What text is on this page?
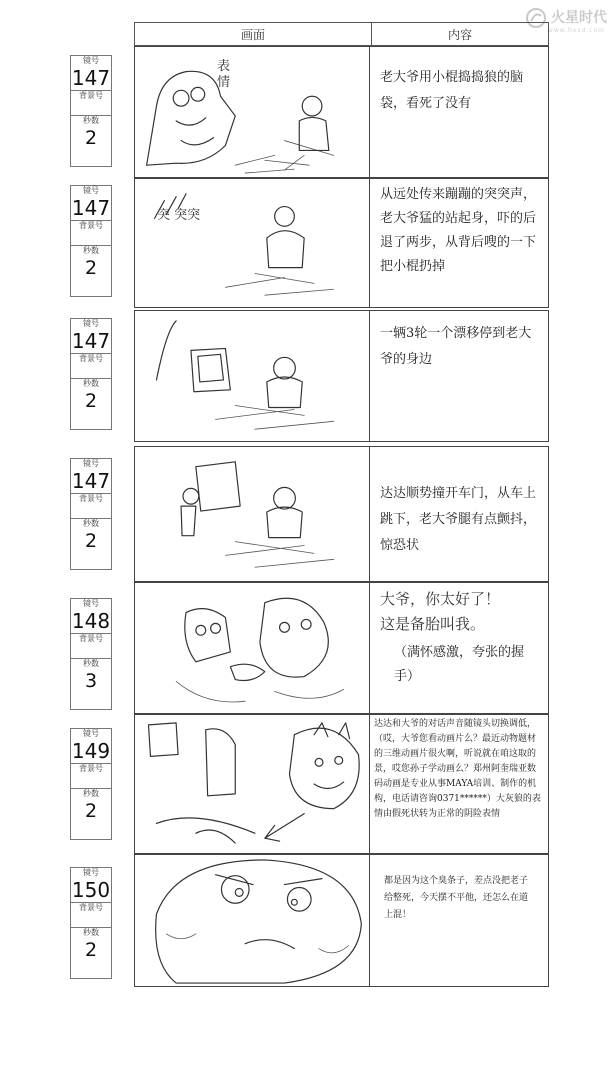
火星时代
www.hxsd.com
画面	内容
镜号
147
背景号
秒数
2
表情	老大爷用小棍捣捣狼的脑袋，看死了没有
镜号
147
背景号
秒数
2
突 突突
从远处传来蹦蹦的突突声，老大爷猛的站起身，吓的后退了两步，从背后嗖的一下把小棍扔掉
镜号
147
背景号
秒数
2
一辆3轮一个漂移停到老大爷的身边
镜号
147
背景号
秒数
2
达达顺势撞开车门，从车上跳下，老大爷腿有点颤抖，惊恐状
镜号
148
背景号
秒数
3
大爷，你太好了！
这是备胎叫我。
（满怀感激，夸张的握手）
镜号
149
背景号
秒数
2
达达和大爷的对话声音随镜头切换调低，（哎，大爷您看动画片么？最近动物题材的三维动画片很火啊，听说就在咱这取的景，哎您孙子学动画么？郑州阿奎瑞亚数码动画是专业从事MAYA培训、制作的机构，电话请咨询0371******）大灰狼的表情由假死状转为正常的阴险表情
镜号
150
背景号
秒数
2
都是因为这个臭条子，差点没把老子给整死，今天摆不平他，还怎么在道上混！
